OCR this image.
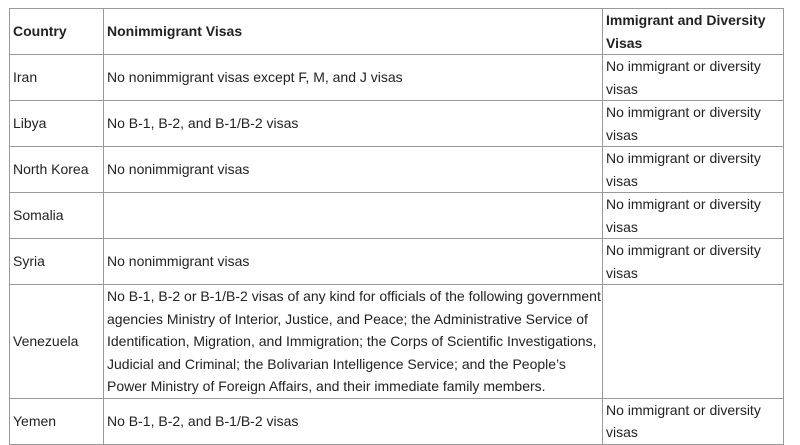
Country	Nonimmigrant Visas	Immigrant and Diversity Visas
Iran	No nonimmigrant visas except F, M, and J visas	No immigrant or diversity visas
Libya	No B-1, B-2, and B-1/B-2 visas	No immigrant or diversity visas
North Korea	No nonimmigrant visas	No immigrant or diversity visas
Somalia		No immigrant or diversity visas
Syria	No nonimmigrant visas	No immigrant or diversity visas
Venezuela	No B-1, B-2 or B-1/B-2 visas of any kind for officials of the following government agencies Ministry of Interior, Justice, and Peace; the Administrative Service of Identification, Migration, and Immigration; the Corps of Scientific Investigations, Judicial and Criminal; the Bolivarian Intelligence Service; and the People’s Power Ministry of Foreign Affairs, and their immediate family members.	
Yemen	No B-1, B-2, and B-1/B-2 visas	No immigrant or diversity visas
